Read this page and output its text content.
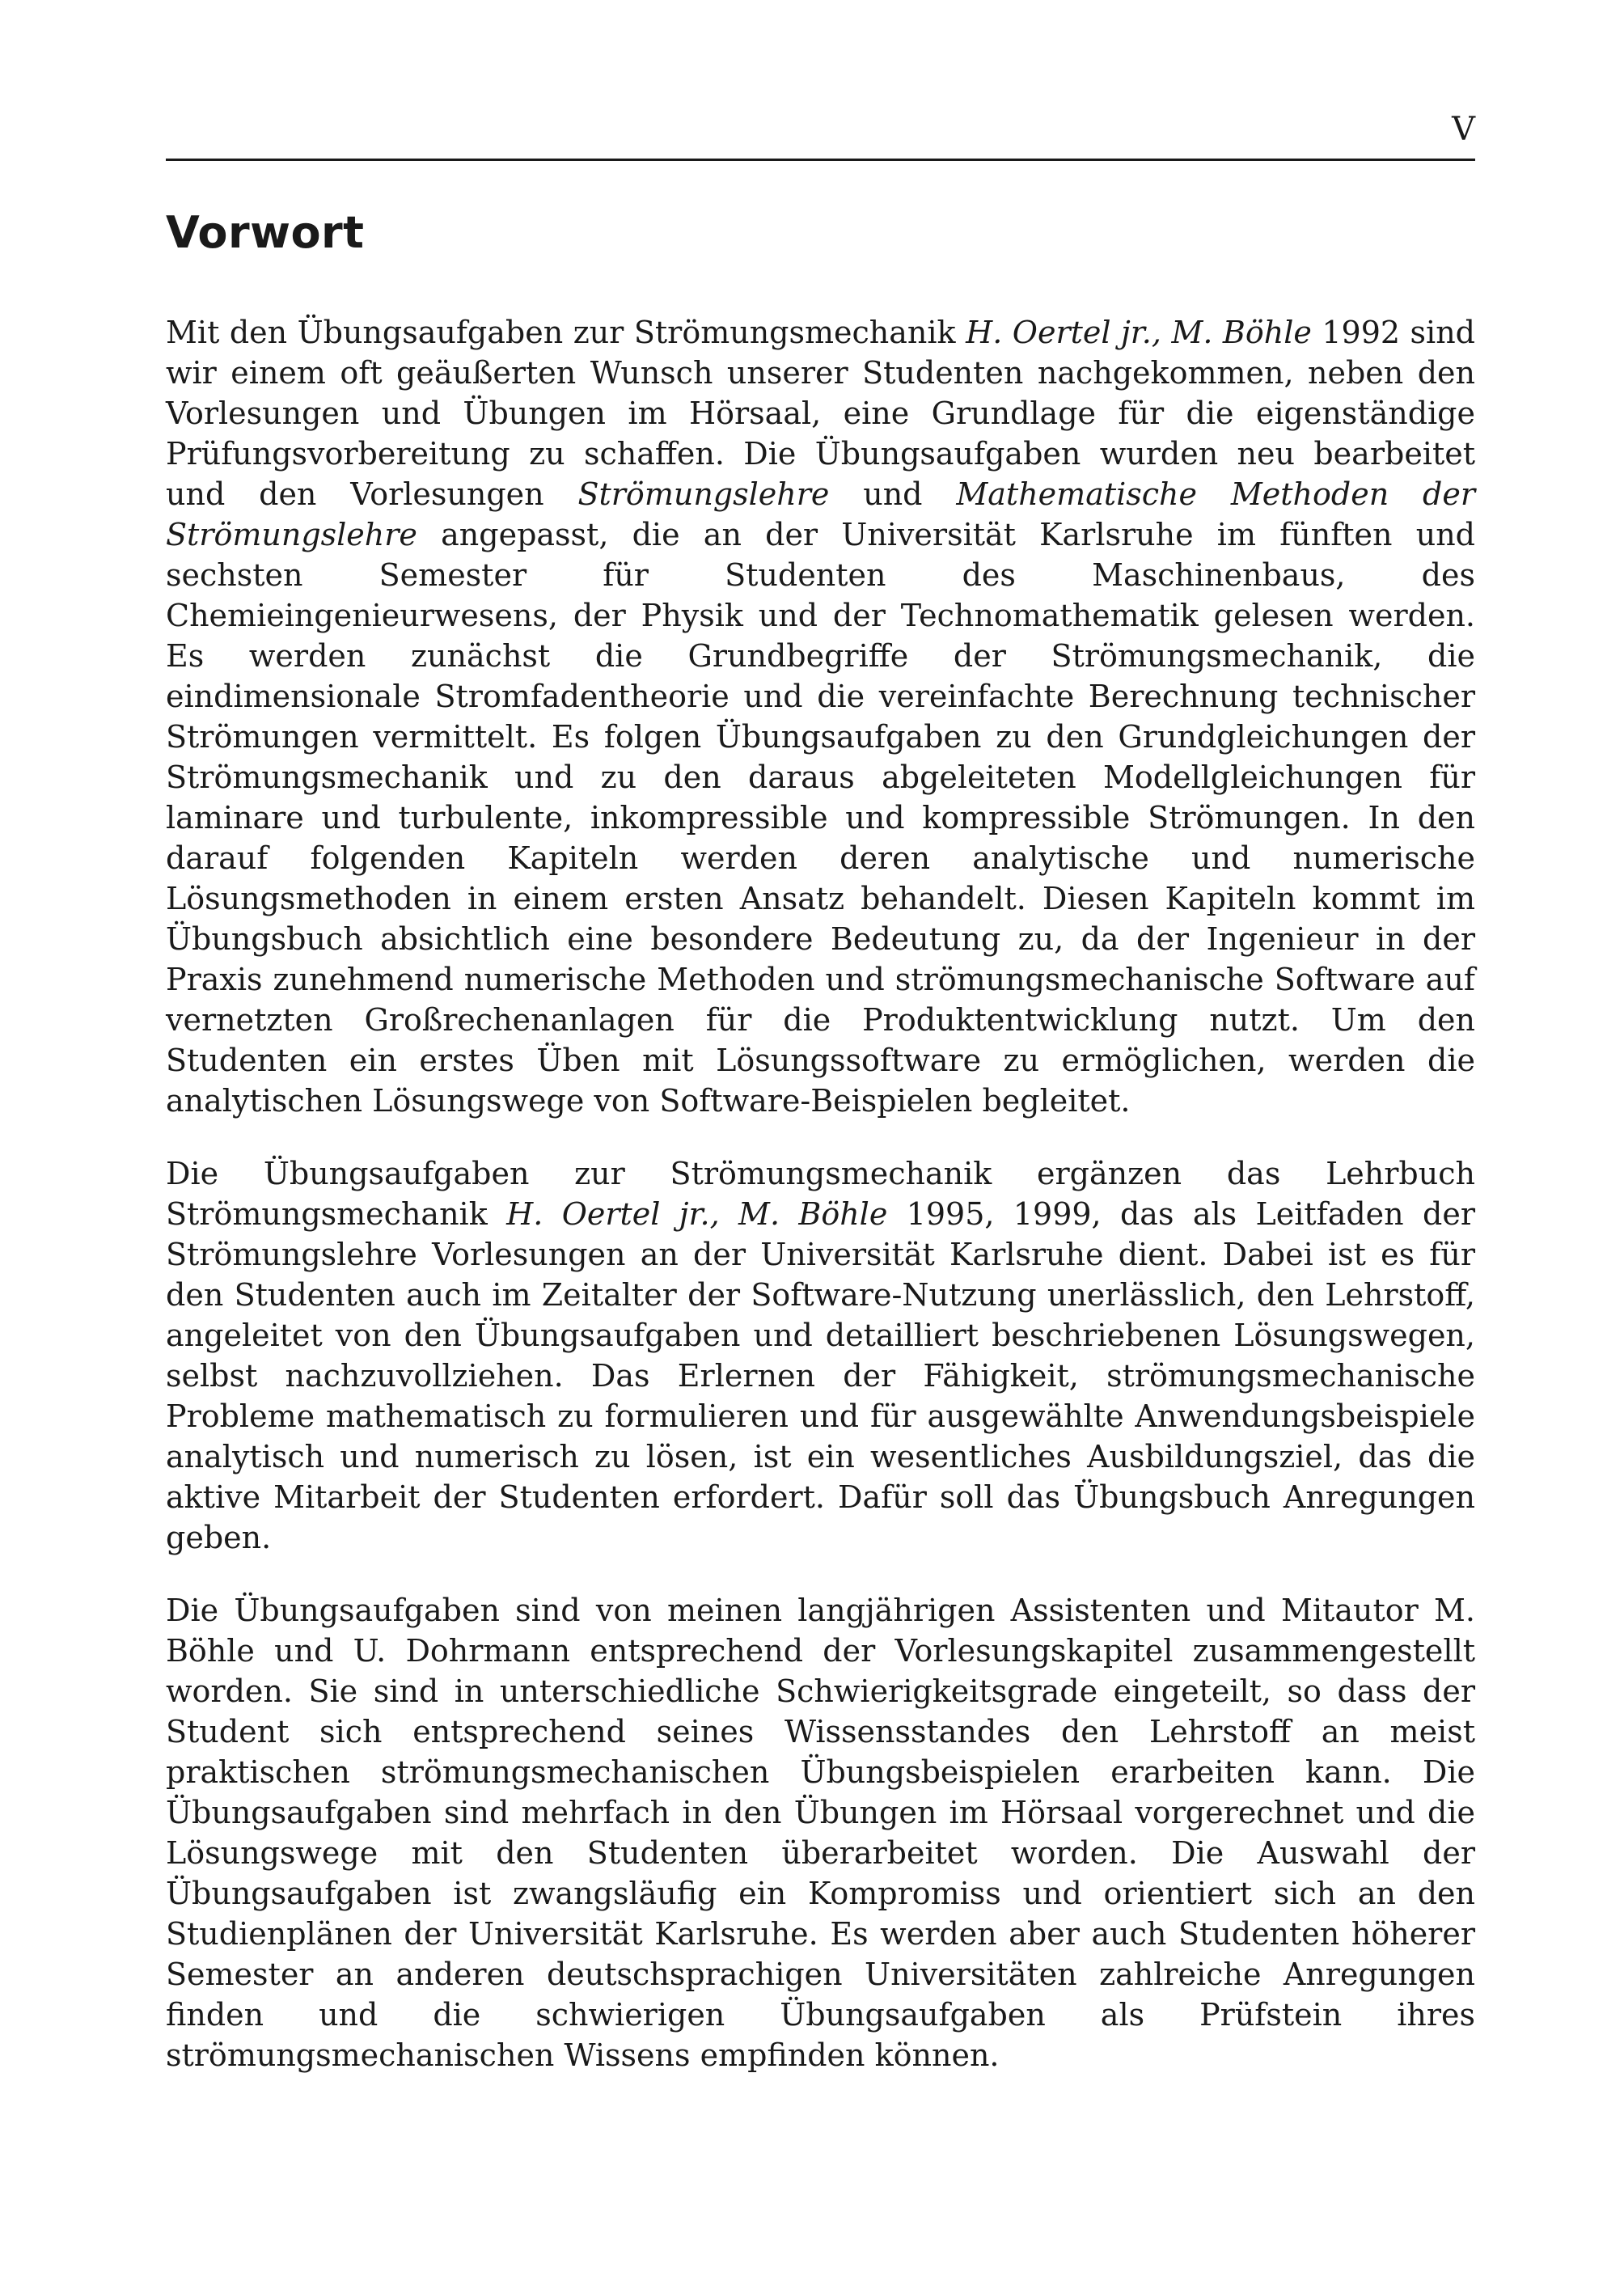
V
Vorwort

Mit den Übungsaufgaben zur Strömungsmechanik H. Oertel jr., M. Böhle 1992 sind wir einem oft geäußerten Wunsch unserer Studenten nachgekommen, neben den Vorlesungen und Übungen im Hörsaal, eine Grundlage für die eigenständige Prüfungsvorbereitung zu schaffen. Die Übungsaufgaben wurden neu bearbeitet und den Vorlesungen Strömungslehre und Mathematische Methoden der Strömungslehre angepasst, die an der Universität Karlsruhe im fünften und sechsten Semester für Studenten des Maschinenbaus, des Chemieingenieurwesens, der Physik und der Technomathematik gelesen werden. Es werden zunächst die Grundbegriffe der Strömungsmechanik, die eindimensionale Stromfadentheorie und die vereinfachte Berechnung technischer Strömungen vermittelt. Es folgen Übungsaufgaben zu den Grundgleichungen der Strömungsmechanik und zu den daraus abgeleiteten Modellgleichungen für laminare und turbulente, inkompressible und kompressible Strömungen. In den darauf folgenden Kapiteln werden deren analytische und numerische Lösungsmethoden in einem ersten Ansatz behandelt. Diesen Kapiteln kommt im Übungsbuch absichtlich eine besondere Bedeutung zu, da der Ingenieur in der Praxis zunehmend numerische Methoden und strömungsmechanische Software auf vernetzten Großrechenanlagen für die Produktentwicklung nutzt. Um den Studenten ein erstes Üben mit Lösungssoftware zu ermöglichen, werden die analytischen Lösungswege von Software-Beispielen begleitet.

Die Übungsaufgaben zur Strömungsmechanik ergänzen das Lehrbuch Strömungsmechanik H. Oertel jr., M. Böhle 1995, 1999, das als Leitfaden der Strömungslehre Vorlesungen an der Universität Karlsruhe dient. Dabei ist es für den Studenten auch im Zeitalter der Software-Nutzung unerlässlich, den Lehrstoff, angeleitet von den Übungsaufgaben und detailliert beschriebenen Lösungswegen, selbst nachzuvollziehen. Das Erlernen der Fähigkeit, strömungsmechanische Probleme mathematisch zu formulieren und für ausgewählte Anwendungsbeispiele analytisch und numerisch zu lösen, ist ein wesentliches Ausbildungsziel, das die aktive Mitarbeit der Studenten erfordert. Dafür soll das Übungsbuch Anregungen geben.

Die Übungsaufgaben sind von meinen langjährigen Assistenten und Mitautor M. Böhle und U. Dohrmann entsprechend der Vorlesungskapitel zusammengestellt worden. Sie sind in unterschiedliche Schwierigkeitsgrade eingeteilt, so dass der Student sich entsprechend seines Wissensstandes den Lehrstoff an meist praktischen strömungsmechanischen Übungsbeispielen erarbeiten kann. Die Übungsaufgaben sind mehrfach in den Übungen im Hörsaal vorgerechnet und die Lösungswege mit den Studenten überarbeitet worden. Die Auswahl der Übungsaufgaben ist zwangsläufig ein Kompromiss und orientiert sich an den Studienplänen der Universität Karlsruhe. Es werden aber auch Studenten höherer Semester an anderen deutschsprachigen Universitäten zahlreiche Anregungen finden und die schwierigen Übungsaufgaben als Prüfstein ihres strömungsmechanischen Wissens empfinden können.
